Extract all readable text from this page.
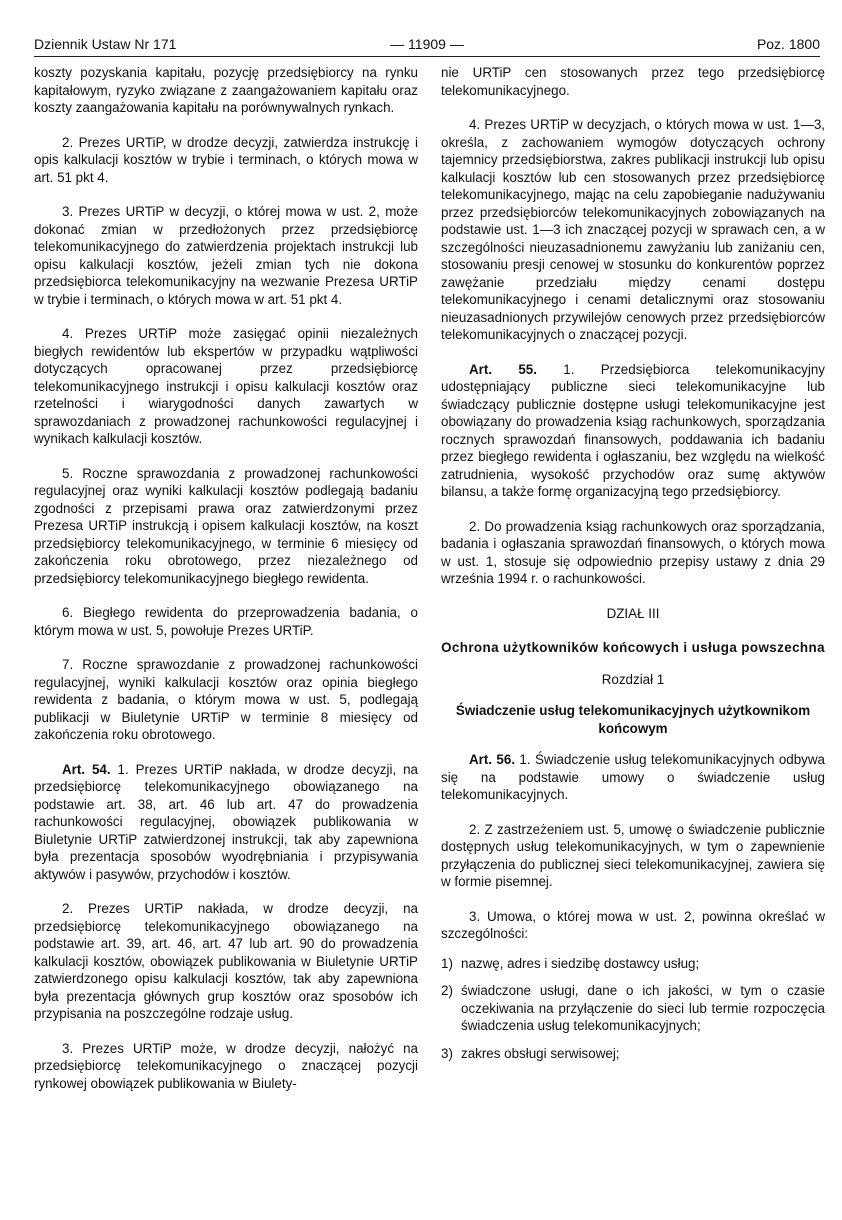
Dziennik Ustaw Nr 171	— 11909 —	Poz. 1800

koszty pozyskania kapitału, pozycję przedsiębiorcy na rynku kapitałowym, ryzyko związane z zaangażowaniem kapitału oraz koszty zaangażowania kapitału na porównywalnych rynkach.

2. Prezes URTiP, w drodze decyzji, zatwierdza instrukcję i opis kalkulacji kosztów w trybie i terminach, o których mowa w art. 51 pkt 4.

3. Prezes URTiP w decyzji, o której mowa w ust. 2, może dokonać zmian w przedłożonych przez przedsiębiorcę telekomunikacyjnego do zatwierdzenia projektach instrukcji lub opisu kalkulacji kosztów, jeżeli zmian tych nie dokona przedsiębiorca telekomunikacyjny na wezwanie Prezesa URTiP w trybie i terminach, o których mowa w art. 51 pkt 4.

4. Prezes URTiP może zasięgać opinii niezależnych biegłych rewidentów lub ekspertów w przypadku wątpliwości dotyczących opracowanej przez przedsiębiorcę telekomunikacyjnego instrukcji i opisu kalkulacji kosztów oraz rzetelności i wiarygodności danych zawartych w sprawozdaniach z prowadzonej rachunkowości regulacyjnej i wynikach kalkulacji kosztów.

5. Roczne sprawozdania z prowadzonej rachunkowości regulacyjnej oraz wyniki kalkulacji kosztów podlegają badaniu zgodności z przepisami prawa oraz zatwierdzonymi przez Prezesa URTiP instrukcją i opisem kalkulacji kosztów, na koszt przedsiębiorcy telekomunikacyjnego, w terminie 6 miesięcy od zakończenia roku obrotowego, przez niezależnego od przedsiębiorcy telekomunikacyjnego biegłego rewidenta.

6. Biegłego rewidenta do przeprowadzenia badania, o którym mowa w ust. 5, powołuje Prezes URTiP.

7. Roczne sprawozdanie z prowadzonej rachunkowości regulacyjnej, wyniki kalkulacji kosztów oraz opinia biegłego rewidenta z badania, o którym mowa w ust. 5, podlegają publikacji w Biuletynie URTiP w terminie 8 miesięcy od zakończenia roku obrotowego.

Art. 54. 1. Prezes URTiP nakłada, w drodze decyzji, na przedsiębiorcę telekomunikacyjnego obowiązanego na podstawie art. 38, art. 46 lub art. 47 do prowadzenia rachunkowości regulacyjnej, obowiązek publikowania w Biuletynie URTiP zatwierdzonej instrukcji, tak aby zapewniona była prezentacja sposobów wyodrębniania i przypisywania aktywów i pasywów, przychodów i kosztów.

2. Prezes URTiP nakłada, w drodze decyzji, na przedsiębiorcę telekomunikacyjnego obowiązanego na podstawie art. 39, art. 46, art. 47 lub art. 90 do prowadzenia kalkulacji kosztów, obowiązek publikowania w Biuletynie URTiP zatwierdzonego opisu kalkulacji kosztów, tak aby zapewniona była prezentacja głównych grup kosztów oraz sposobów ich przypisania na poszczególne rodzaje usług.

3. Prezes URTiP może, w drodze decyzji, nałożyć na przedsiębiorcę telekomunikacyjnego o znaczącej pozycji rynkowej obowiązek publikowania w Biulety-

nie URTiP cen stosowanych przez tego przedsiębiorcę telekomunikacyjnego.

4. Prezes URTiP w decyzjach, o których mowa w ust. 1—3, określa, z zachowaniem wymogów dotyczących ochrony tajemnicy przedsiębiorstwa, zakres publikacji instrukcji lub opisu kalkulacji kosztów lub cen stosowanych przez przedsiębiorcę telekomunikacyjnego, mając na celu zapobieganie nadużywaniu przez przedsiębiorców telekomunikacyjnych zobowiązanych na podstawie ust. 1—3 ich znaczącej pozycji w sprawach cen, a w szczególności nieuzasadnionemu zawyżaniu lub zaniżaniu cen, stosowaniu presji cenowej w stosunku do konkurentów poprzez zawężanie przedziału między cenami dostępu telekomunikacyjnego i cenami detalicznymi oraz stosowaniu nieuzasadnionych przywilejów cenowych przez przedsiębiorców telekomunikacyjnych o znaczącej pozycji.

Art. 55. 1. Przedsiębiorca telekomunikacyjny udostępniający publiczne sieci telekomunikacyjne lub świadczący publicznie dostępne usługi telekomunikacyjne jest obowiązany do prowadzenia ksiąg rachunkowych, sporządzania rocznych sprawozdań finansowych, poddawania ich badaniu przez biegłego rewidenta i ogłaszaniu, bez względu na wielkość zatrudnienia, wysokość przychodów oraz sumę aktywów bilansu, a także formę organizacyjną tego przedsiębiorcy.

2. Do prowadzenia ksiąg rachunkowych oraz sporządzania, badania i ogłaszania sprawozdań finansowych, o których mowa w ust. 1, stosuje się odpowiednio przepisy ustawy z dnia 29 września 1994 r. o rachunkowości.

DZIAŁ III
Ochrona użytkowników końcowych i usługa powszechna
Rozdział 1
Świadczenie usług telekomunikacyjnych użytkownikom końcowym

Art. 56. 1. Świadczenie usług telekomunikacyjnych odbywa się na podstawie umowy o świadczenie usług telekomunikacyjnych.

2. Z zastrzeżeniem ust. 5, umowę o świadczenie publicznie dostępnych usług telekomunikacyjnych, w tym o zapewnienie przyłączenia do publicznej sieci telekomunikacyjnej, zawiera się w formie pisemnej.

3. Umowa, o której mowa w ust. 2, powinna określać w szczególności:

1) nazwę, adres i siedzibę dostawcy usług;
2) świadczone usługi, dane o ich jakości, w tym o czasie oczekiwania na przyłączenie do sieci lub termie rozpoczęcia świadczenia usług telekomunikacyjnych;
3) zakres obsługi serwisowej;
